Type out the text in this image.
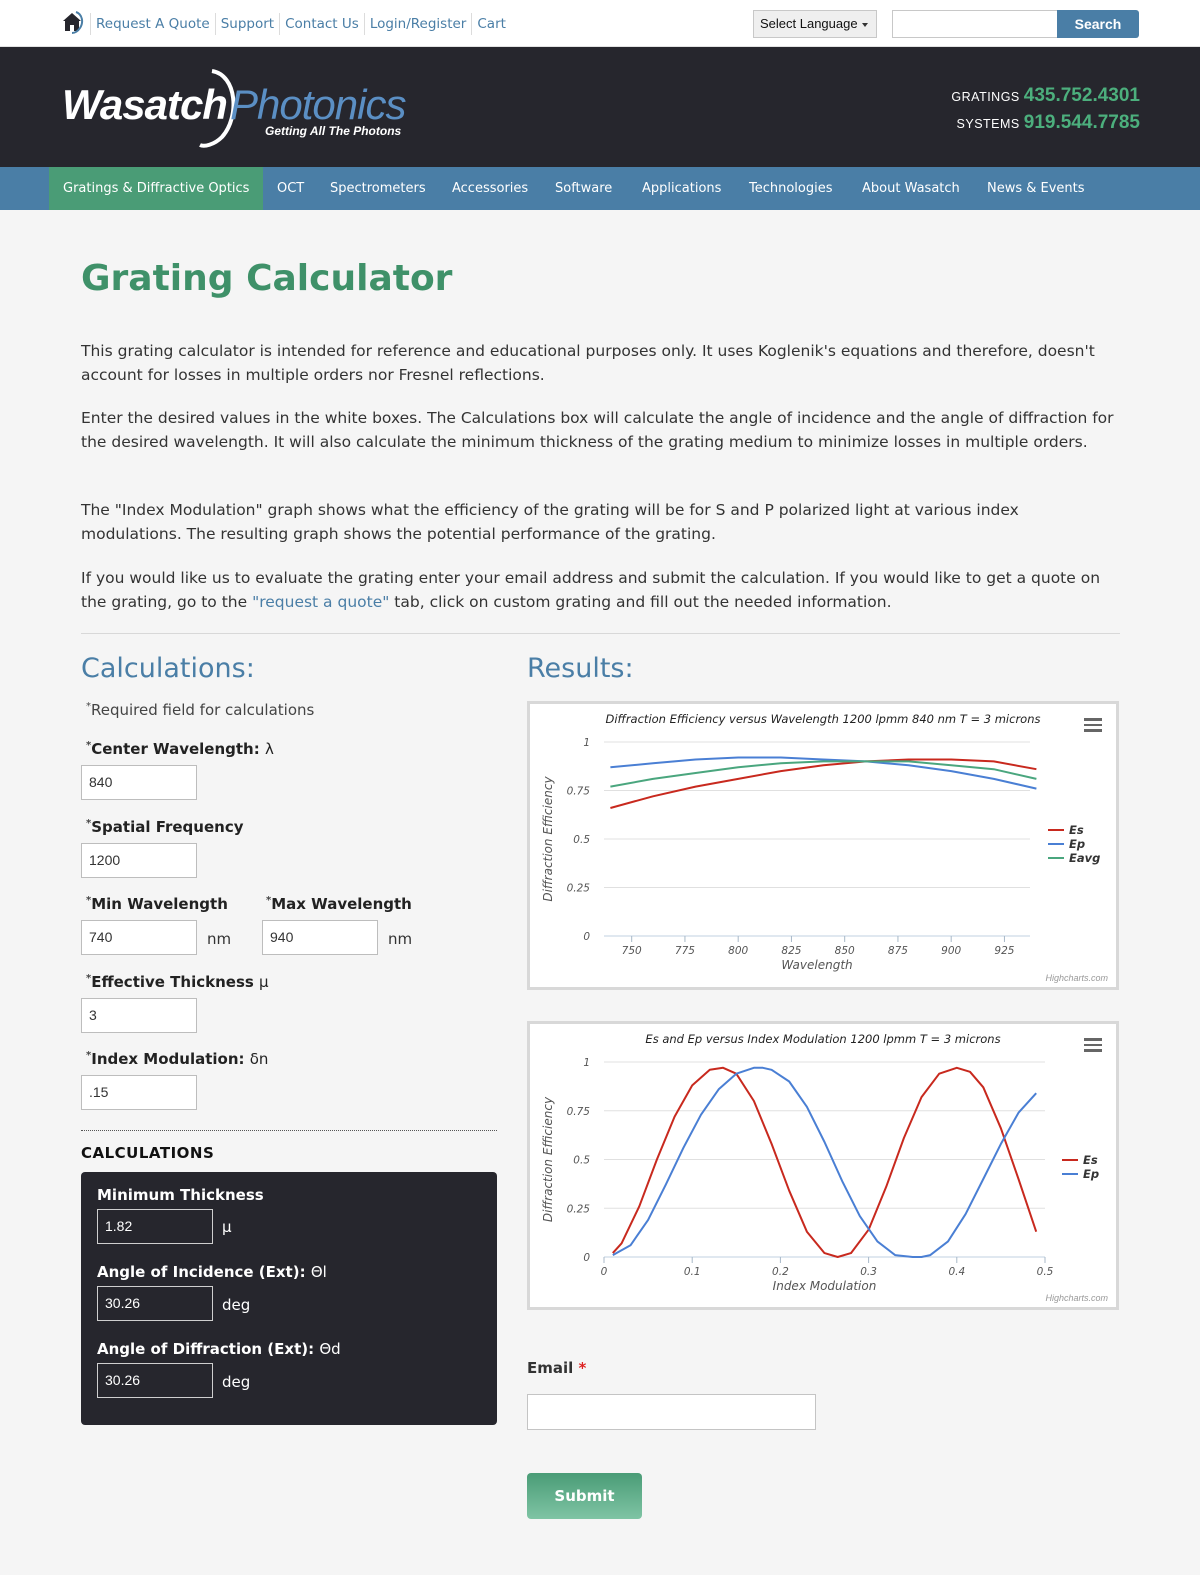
Request A Quote Support Contact Us Login/Register Cart	Select Language	Search
Wasatch Photonics
Getting All The Photons
GRATINGS 435.752.4301
SYSTEMS 919.544.7785
Gratings & Diffractive Optics	OCT Spectrometers Accessories Software Applications Technologies About Wasatch News & Events
Grating Calculator

This grating calculator is intended for reference and educational purposes only. It uses Koglenik's equations and therefore, doesn't account for losses in multiple orders nor Fresnel reflections.

Enter the desired values in the white boxes. The Calculations box will calculate the angle of incidence and the angle of diffraction for the desired wavelength. It will also calculate the minimum thickness of the grating medium to minimize losses in multiple orders.

The "Index Modulation" graph shows what the efficiency of the grating will be for S and P polarized light at various index modulations. The resulting graph shows the potential performance of the grating.

If you would like us to evaluate the grating enter your email address and submit the calculation. If you would like to get a quote on the grating, go to the "request a quote" tab, click on custom grating and fill out the needed information.

Calculations:
*Required field for calculations
*Center Wavelength: λ
840
*Spatial Frequency
1200
*Min Wavelength
740	nm
*Max Wavelength
940	nm
*Effective Thickness μ
3
*Index Modulation: δn
.15
CALCULATIONS
Minimum Thickness
1.82	μ
Angle of Incidence (Ext): Θl
30.26	deg
Angle of Diffraction (Ext): Θd
30.26	deg
Results:
0
0.25
0.5
0.75
1
750	775	800	825	850	875	900	925
Wavelength
Diffraction Efficiency	Es
Ep
Eavg
Diffraction Efficiency versus Wavelength 1200 lpmm 840 nm T = 3 microns
Highcharts.com
0
0.25
0.5
0.75
1
0	0.1	0.2	0.3	0.4	0.5
Index Modulation
Diffraction Efficiency	Es
Ep
Es and Ep versus Index Modulation 1200 lpmm T = 3 microns
Highcharts.com
Email *
Submit
